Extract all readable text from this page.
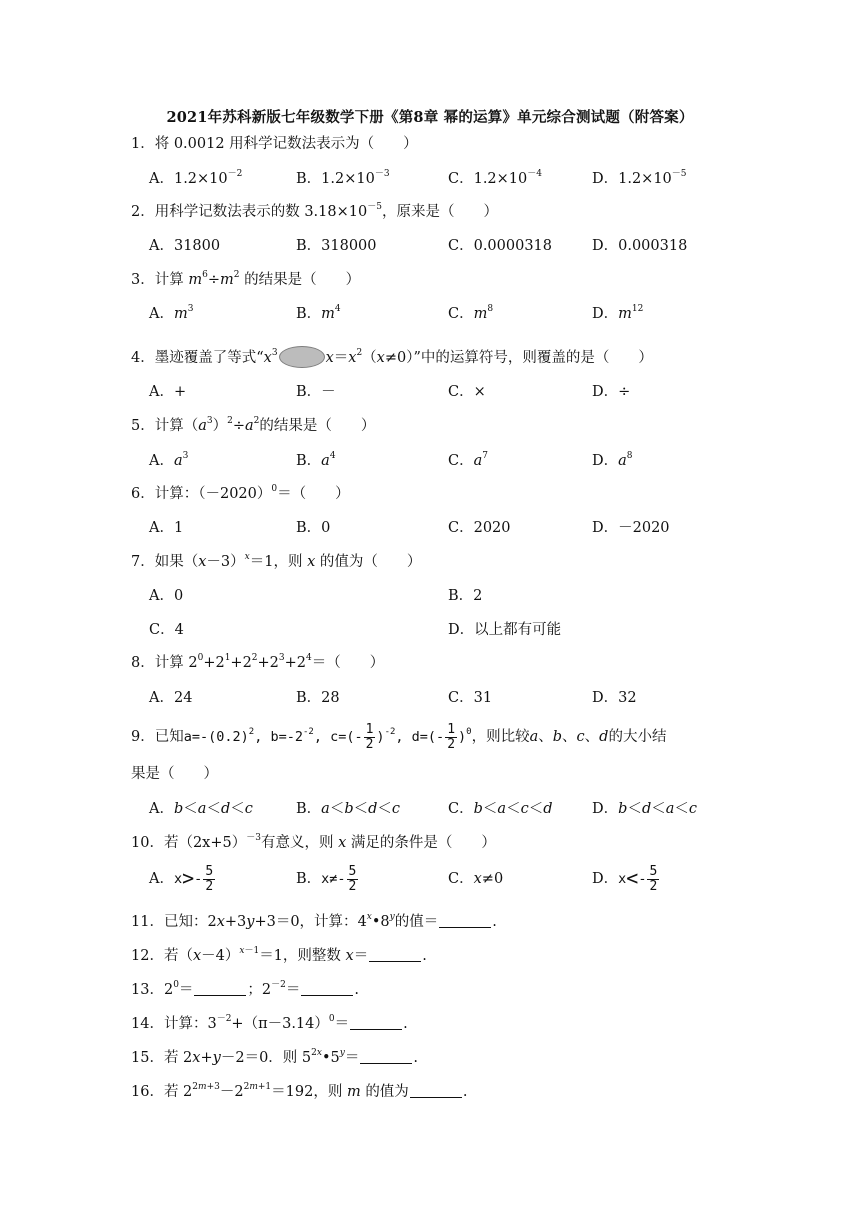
2021年苏科新版七年级数学下册《第8章 幂的运算》单元综合测试题（附答案）
1．将 0.0012 用科学记数法表示为（　　）
A．$1.2\times 10^{-2}$	B．$1.2\times 10^{-3}$	C．$1.2\times 10^{-4}$	D．$1.2\times 10^{-5}$
2．用科学记数法表示的数 $3.18\times 10^{-5}$，原来是（　　）
A．31800	B．318000	C．0.0000318	D．0.000318
3．计算 $m^6\div m^2$ 的结果是（　　）
A．$m^3$	B．$m^4$	C．$m^8$	D．$m^{12}$
4．墨迹覆盖了等式“$x^3$	$x=x^2(x\ne 0)$”中的运算符号，则覆盖的是（　　）
A．+	B．－	C．×	D．÷
5．计算$(a^3)^2\div a^2$的结果是（　　）
A．$a^3$	B．$a^4$	C．$a^7$	D．$a^8$
6．计算：$(-2020)^0=$（　　）
A．1	B．0	C．2020	D．－2020
7．如果$(x-3)^x=1$，则 x 的值为（　　）
A．0	B．2
C．4	D．以上都有可能
8．计算 $2^0+2^1+2^2+2^3+2^4=$（　　）
A．24	B．28	C．31	D．32
9．已知$a=-(0.2)^2$, $b=-2^{-2}$, $c=(- \frac{1}{2} )^{-2}$, $d=(- \frac{1}{2} )^0$，则比较a、b、c、d的大小结
果是（　　）
A．b＜a＜d＜c	B．a＜b＜d＜c	C．b＜a＜c＜d	D．b＜d＜a＜c
10．若$(2x+5)^{-3}$有意义，则 x 满足的条件是（　　）
A．$x>- \frac{5}{2}$	B．$x\ne- \frac{5}{2}$	C．x≠0	D．$x<- \frac{5}{2}$
11．已知：2x+3y+3＝0，计算：4$^x$•8$^y$的值＝	.
12．若$(x-4)^{x-1}=1$，则整数 x＝	.
13．$2^0=$	；$2^{-2}=$	.
14．计算：$3^{-2}+(\pi-3.14)^0=$	.
15．若 2x+y－2＝0．则 $5^{2x}•5^y=$	.
16．若 $2^{2m+3}-2^{2m+1}=192$，则 m 的值为	.
